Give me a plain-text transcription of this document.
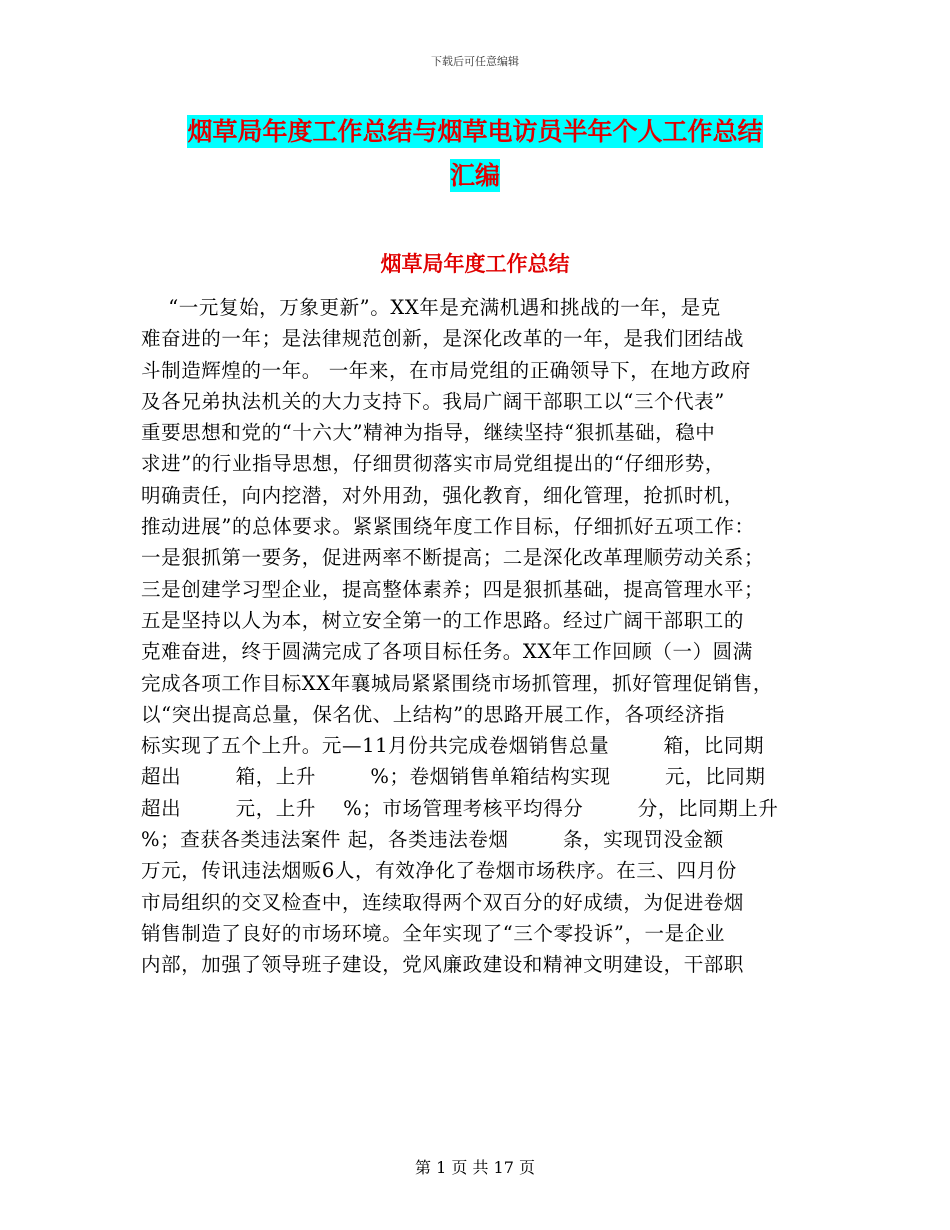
下载后可任意编辑
烟草局年度工作总结与烟草电访员半年个人工作总结
汇编
烟草局年度工作总结
“一元复始，万象更新”。XX年是充满机遇和挑战的一年，是克
难奋进的一年；是法律规范创新，是深化改革的一年，是我们团结战
斗制造辉煌的一年。 一年来，在市局党组的正确领导下，在地方政府
及各兄弟执法机关的大力支持下。我局广阔干部职工以“三个代表”
重要思想和党的“十六大”精神为指导，继续坚持“狠抓基础，稳中
求进”的行业指导思想，仔细贯彻落实市局党组提出的“仔细形势，
明确责任，向内挖潜，对外用劲，强化教育，细化管理，抢抓时机，
推动进展”的总体要求。紧紧围绕年度工作目标，仔细抓好五项工作：
一是狠抓第一要务，促进两率不断提高；二是深化改革理顺劳动关系；
三是创建学习型企业，提高整体素养；四是狠抓基础，提高管理水平；
五是坚持以人为本，树立安全第一的工作思路。经过广阔干部职工的
克难奋进，终于圆满完成了各项目标任务。XX年工作回顾（一）圆满
完成各项工作目标XX年襄城局紧紧围绕市场抓管理，抓好管理促销售，
以“突出提高总量，保名优、上结构”的思路开展工作，各项经济指
标实现了五个上升。元—11月份共完成卷烟销售总量        箱，比同期
超出        箱，上升        %；卷烟销售单箱结构实现        元，比同期
超出        元，上升    %；市场管理考核平均得分        分，比同期上升
%；查获各类违法案件 起，各类违法卷烟        条，实现罚没金额
万元，传讯违法烟贩6人，有效净化了卷烟市场秩序。在三、四月份
市局组织的交叉检查中，连续取得两个双百分的好成绩，为促进卷烟
销售制造了良好的市场环境。全年实现了“三个零投诉”，一是企业
内部，加强了领导班子建设，党风廉政建设和精神文明建设，干部职
第 1 页 共 17 页
